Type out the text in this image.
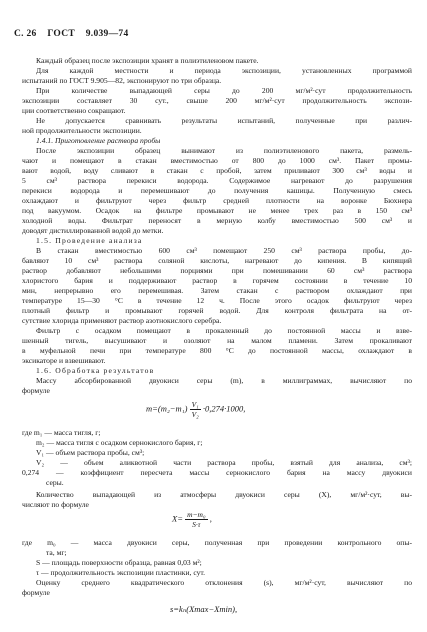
С. 26 ГОСТ 9.039—74
Каждый образец после экспозиции хранят в полиэтиленовом пакете.
Для каждой местности и периода экспозиции, установленных программой
испытаний по ГОСТ 9.905—82, экспонируют по три образца.
При количестве выпадающей серы до 200 мг/м²·сут продолжительность
экспозиции составляет 30 сут., свыше 200 мг/м²·сут продолжительность экспози-
ции соответственно сокращают.
Не допускается сравнивать результаты испытаний, полученные при различ-
ной продолжительности экспозиции.
1.4.1. Приготовление раствора пробы
После экспозиции образец вынимают из полиэтиленового пакета, размель-
чают и помещают в стакан вместимостью от 800 до 1000 см³. Пакет промы-
вают водой, воду сливают в стакан с пробой, затем приливают 300 см³ воды и
5 см³ раствора перекиси водорода. Содержимое нагревают до разрушения
перекиси водорода и перемешивают до получения кашицы. Полученную смесь
охлаждают и фильтруют через фильтр средней плотности на воронке Бюхнера
под вакуумом. Осадок на фильтре промывают не менее трех раз в 150 см³
холодной воды. Фильтрат переносят в мерную колбу вместимостью 500 см³ и
доводят дистиллированной водой до метки.
1.5. Проведение анализа
В стакан вместимостью 600 см³ помещают 250 см³ раствора пробы, до-
бавляют 10 см³ раствора соляной кислоты, нагревают до кипения. В кипящий
раствор добавляют небольшими порциями при помешивании 60 см³ раствора
хлористого бария и поддерживают раствор в горячем состоянии в течение 10
мин, непрерывно его перемешивая. Затем стакан с раствором охлаждают при
температуре 15—30 °С в течение 12 ч. После этого осадок фильтруют через
плотный фильтр и промывают горячей водой. Для контроля фильтрата на от-
сутствие хлорида применяют раствор азотнокислого серебра.
Фильтр с осадком помещают в прокаленный до постоянной массы и взве-
шенный тигель, высушивают и озоляют на малом пламени. Затем прокаливают
в муфельной печи при температуре 800 °С до постоянной массы, охлаждают в
эксикаторе и взвешивают.
1.6. Обработка результатов
Массу абсорбированной двуокиси серы (m), в миллиграммах, вычисляют по
формуле
$m=(m_2-m_1) \frac{\text{V₁}}{\text{V₂}} \cdot 0,274\cdot 1000$,
где m₁ — масса тигля, г;
m₂ — масса тигля с осадком сернокислого бария, г;
V₁ — объем раствора пробы, см³;
V₂ — объем аликвотной части раствора пробы, взятый для анализа, см³;
0,274 — коэффициент пересчета массы сернокислого бария на массу двуокиси
серы.
Количество выпадающей из атмосферы двуокиси серы (X), мг/м²·сут, вы-
числяют по формуле
$X= \frac{\text{m−m₀}}{S\cdot\tau}$ ,
где m₀ — масса двуокиси серы, полученная при проведении контрольного опы-
та, мг;
S — площадь поверхности образца, равная 0,03 м²;
τ — продолжительность экспозиции пластинки, сут.
Оценку среднего квадратического отклонения (s), мг/м²·сут, вычисляют по
формуле
s=kₙ(Xmax−Xmin),
